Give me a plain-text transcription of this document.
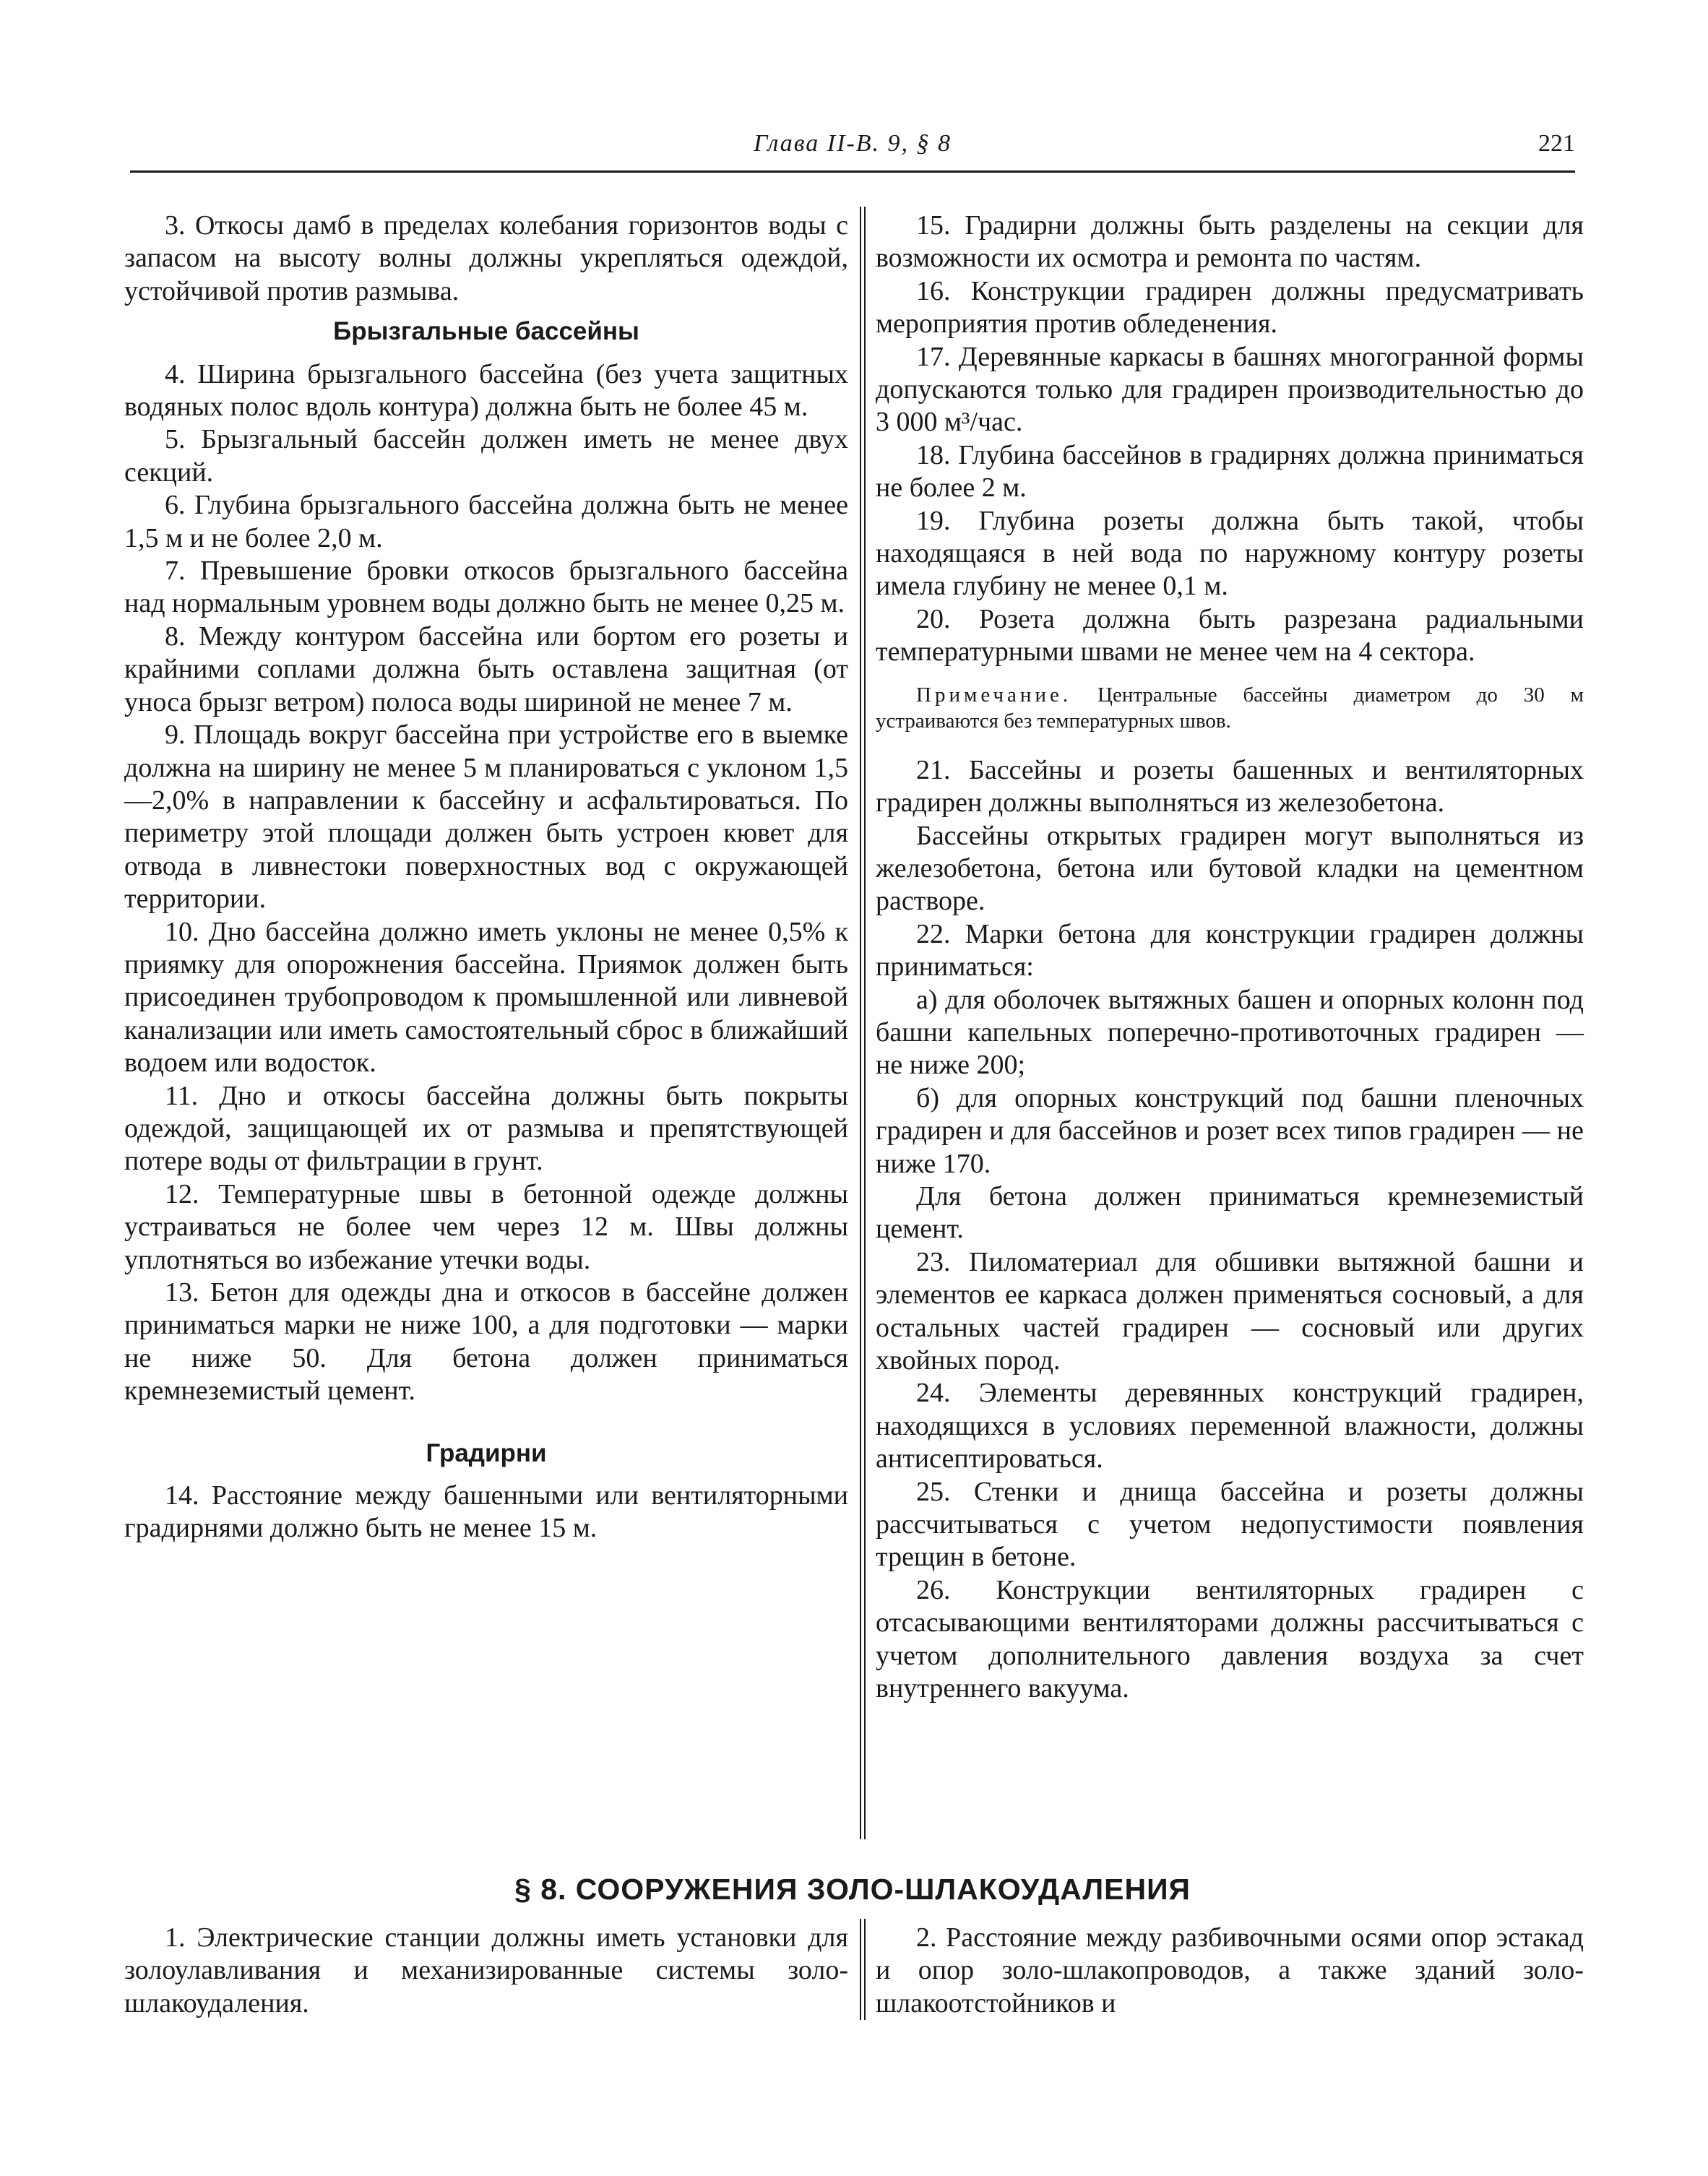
Глава II-В. 9, § 8	221

3. Откосы дамб в пределах колебания горизонтов воды с запасом на высоту волны должны укрепляться одеждой, устойчивой против размыва.

Брызгальные бассейны

4. Ширина брызгального бассейна (без учета защитных водяных полос вдоль контура) должна быть не более 45 м.

5. Брызгальный бассейн должен иметь не менее двух секций.

6. Глубина брызгального бассейна должна быть не менее 1,5 м и не более 2,0 м.

7. Превышение бровки откосов брызгального бассейна над нормальным уровнем воды должно быть не менее 0,25 м.

8. Между контуром бассейна или бортом его розеты и крайними соплами должна быть оставлена защитная (от уноса брызг ветром) полоса воды шириной не менее 7 м.

9. Площадь вокруг бассейна при устройстве его в выемке должна на ширину не менее 5 м планироваться с уклоном 1,5—2,0% в направлении к бассейну и асфальтироваться. По периметру этой площади должен быть устроен кювет для отвода в ливнестоки поверхностных вод с окружающей территории.

10. Дно бассейна должно иметь уклоны не менее 0,5% к приямку для опорожнения бассейна. Приямок должен быть присоединен трубопроводом к промышленной или ливневой канализации или иметь самостоятельный сброс в ближайший водоем или водосток.

11. Дно и откосы бассейна должны быть покрыты одеждой, защищающей их от размыва и препятствующей потере воды от фильтрации в грунт.

12. Температурные швы в бетонной одежде должны устраиваться не более чем через 12 м. Швы должны уплотняться во избежание утечки воды.

13. Бетон для одежды дна и откосов в бассейне должен приниматься марки не ниже 100, а для подготовки — марки не ниже 50. Для бетона должен приниматься кремнеземистый цемент.

Градирни

14. Расстояние между башенными или вентиляторными градирнями должно быть не менее 15 м.

15. Градирни должны быть разделены на секции для возможности их осмотра и ремонта по частям.

16. Конструкции градирен должны предусматривать мероприятия против обледенения.

17. Деревянные каркасы в башнях многогранной формы допускаются только для градирен производительностью до 3 000 м³/час.

18. Глубина бассейнов в градирнях должна приниматься не более 2 м.

19. Глубина розеты должна быть такой, чтобы находящаяся в ней вода по наружному контуру розеты имела глубину не менее 0,1 м.

20. Розета должна быть разрезана радиальными температурными швами не менее чем на 4 сектора.

Примечание. Центральные бассейны диаметром до 30 м устраиваются без температурных швов.

21. Бассейны и розеты башенных и вентиляторных градирен должны выполняться из железобетона.

Бассейны открытых градирен могут выполняться из железобетона, бетона или бутовой кладки на цементном растворе.

22. Марки бетона для конструкции градирен должны приниматься:

а) для оболочек вытяжных башен и опорных колонн под башни капельных поперечно-противоточных градирен — не ниже 200;

б) для опорных конструкций под башни пленочных градирен и для бассейнов и розет всех типов градирен — не ниже 170.

Для бетона должен приниматься кремнеземистый цемент.

23. Пиломатериал для обшивки вытяжной башни и элементов ее каркаса должен применяться сосновый, а для остальных частей градирен — сосновый или других хвойных пород.

24. Элементы деревянных конструкций градирен, находящихся в условиях переменной влажности, должны антисептироваться.

25. Стенки и днища бассейна и розеты должны рассчитываться с учетом недопустимости появления трещин в бетоне.

26. Конструкции вентиляторных градирен с отсасывающими вентиляторами должны рассчитываться с учетом дополнительного давления воздуха за счет внутреннего вакуума.

§ 8. СООРУЖЕНИЯ ЗОЛО-ШЛАКОУДАЛЕНИЯ

1. Электрические станции должны иметь установки для золоулавливания и механизированные системы золо-шлакоудаления.

2. Расстояние между разбивочными осями опор эстакад и опор золо-шлакопроводов, а также зданий золо-шлакоотстойников и
